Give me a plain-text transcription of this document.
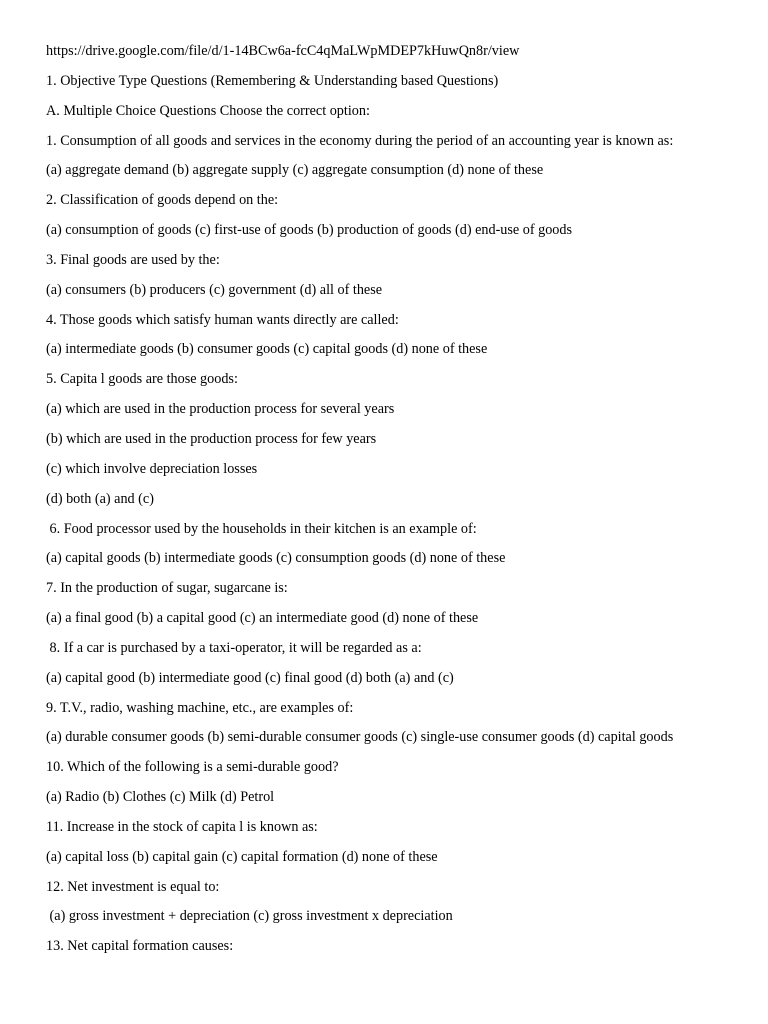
https://drive.google.com/file/d/1-14BCw6a-fcC4qMaLWpMDEP7kHuwQn8r/view
1. Objective Type Questions (Remembering & Understanding based Questions)
A. Multiple Choice Questions Choose the correct option:
1. Consumption of all goods and services in the economy during the period of an accounting year is known as:
(a) aggregate demand (b) aggregate supply (c) aggregate consumption (d) none of these
2. Classification of goods depend on the:
(a) consumption of goods (c) first-use of goods (b) production of goods (d) end-use of goods
3. Final goods are used by the:
(a) consumers (b) producers (c) government (d) all of these
4. Those goods which satisfy human wants directly are called:
(a) intermediate goods (b) consumer goods (c) capital goods (d) none of these
5. Capita l goods are those goods:
(a) which are used in the production process for several years
(b) which are used in the production process for few years
(c) which involve depreciation losses
(d) both (a) and (c)
6. Food processor used by the households in their kitchen is an example of:
(a) capital goods (b) intermediate goods (c) consumption goods (d) none of these
7. In the production of sugar, sugarcane is:
(a) a final good (b) a capital good (c) an intermediate good (d) none of these
8. If a car is purchased by a taxi-operator, it will be regarded as a:
(a) capital good (b) intermediate good (c) final good (d) both (a) and (c)
9. T.V., radio, washing machine, etc., are examples of:
(a) durable consumer goods (b) semi-durable consumer goods (c) single-use consumer goods (d) capital goods
10. Which of the following is a semi-durable good?
(a) Radio (b) Clothes (c) Milk (d) Petrol
11. Increase in the stock of capita l is known as:
(a) capital loss (b) capital gain (c) capital formation (d) none of these
12. Net investment is equal to:
(a) gross investment + depreciation (c) gross investment x depreciation
13. Net capital formation causes:
